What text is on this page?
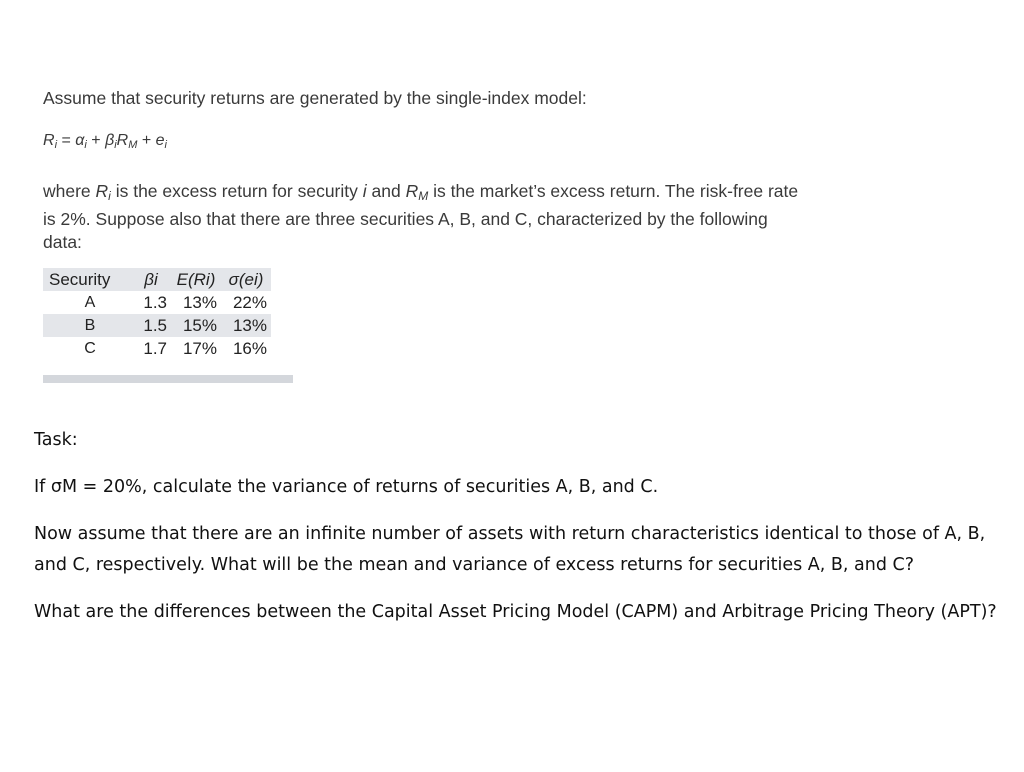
Assume that security returns are generated by the single-index model:
$R_i = \alpha_i + \beta_iR_M + e_i$
where $R_i$ is the excess return for security i and $R_M$ is the market’s excess return. The risk-free rate is 2%. Suppose also that there are three securities A, B, and C, characterized by the following data:
Security	βi	E(Ri)	σ(ei)
A	1.3	13%	22%
B	1.5	15%	13%
C	1.7	17%	16%

Task:

If σM = 20%, calculate the variance of returns of securities A, B, and C.

Now assume that there are an infinite number of assets with return characteristics identical to those of A, B, and C, respectively. What will be the mean and variance of excess returns for securities A, B, and C?

What are the differences between the Capital Asset Pricing Model (CAPM) and Arbitrage Pricing Theory (APT)?
